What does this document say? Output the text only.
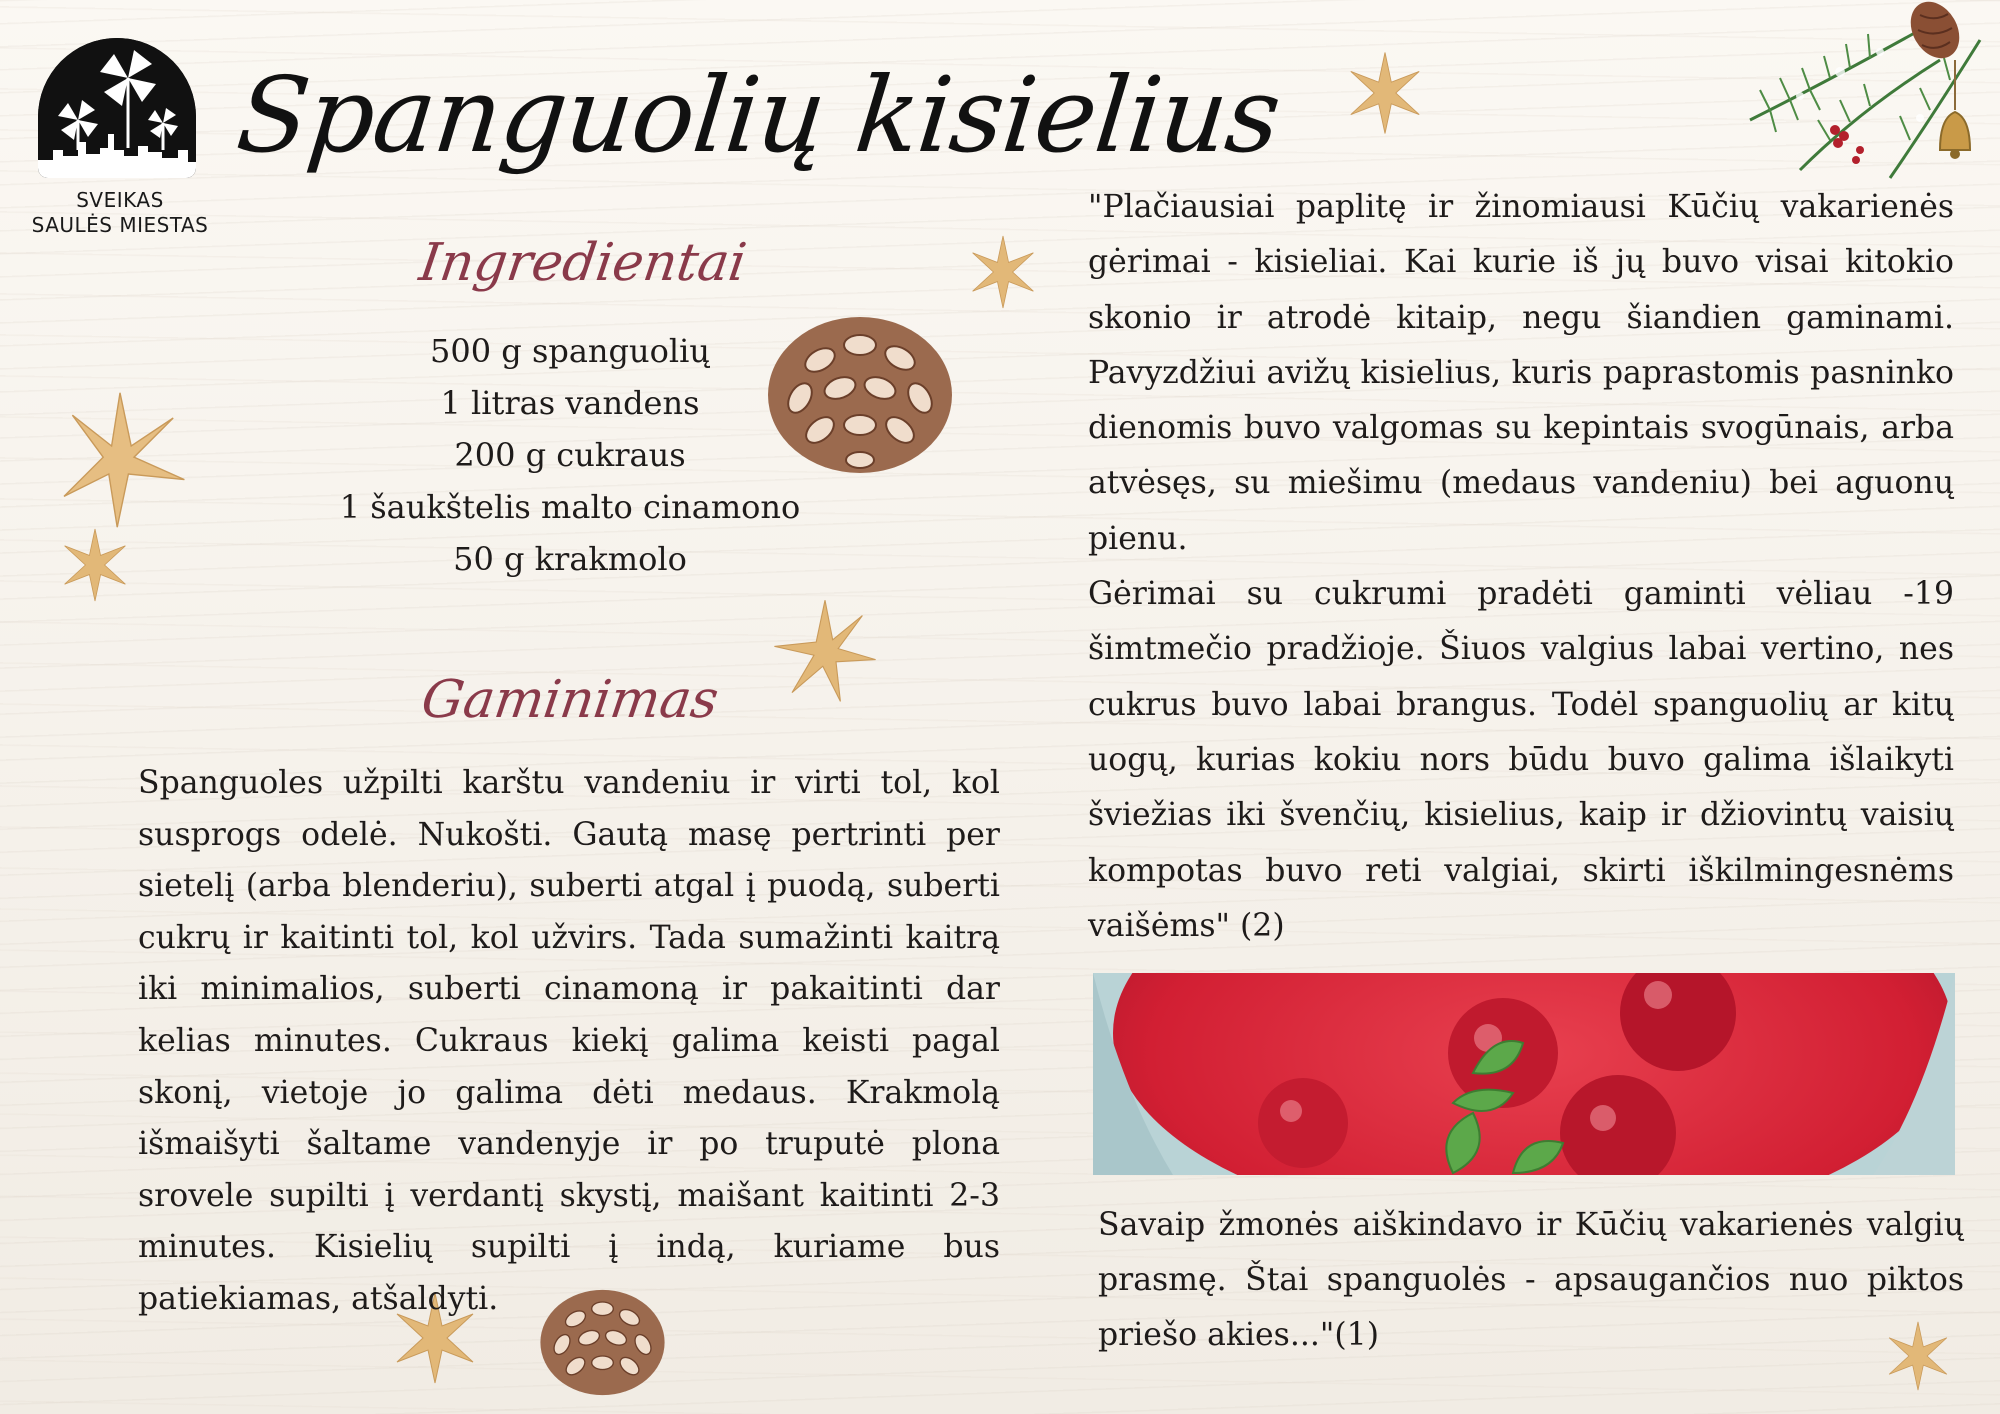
SVEIKAS
SAULĖS MIESTAS
Spanguolių kisielius
Ingredientai
500 g spanguolių
1 litras vandens
200 g cukraus
1 šaukštelis malto cinamono
50 g krakmolo
Gaminimas
Spanguoles užpilti karštu vandeniu ir virti tol, kol susprogs odelė. Nukošti. Gautą masę pertrinti per sietelį (arba blenderiu), suberti atgal į puodą, suberti cukrų ir kaitinti tol, kol užvirs. Tada sumažinti kaitrą iki minimalios, suberti cinamoną ir pakaitinti dar kelias minutes. Cukraus kiekį galima keisti pagal skonį, vietoje jo galima dėti medaus. Krakmolą išmaišyti šaltame vandenyje ir po truputė plona srovele supilti į verdantį skystį, maišant kaitinti 2-3 minutes. Kisielių supilti į indą, kuriame bus patiekiamas, atšaldyti.

"Plačiausiai paplitę ir žinomiausi Kūčių vakarienės gėrimai - kisieliai. Kai kurie iš jų buvo visai kitokio skonio ir atrodė kitaip, negu šiandien gaminami. Pavyzdžiui avižų kisielius, kuris paprastomis pasninko dienomis buvo valgomas su kepintais svogūnais, arba atvėsęs, su miešimu (medaus vandeniu) bei aguonų pienu.

Gėrimai su cukrumi pradėti gaminti vėliau -19 šimtmečio pradžioje. Šiuos valgius labai vertino, nes cukrus buvo labai brangus. Todėl spanguolių ar kitų uogų, kurias kokiu nors būdu buvo galima išlaikyti šviežias iki švenčių, kisielius, kaip ir džiovintų vaisių kompotas buvo reti valgiai, skirti iškilmingesnėms vaišėms" (2)

Savaip žmonės aiškindavo ir Kūčių vakarienės valgių prasmę. Štai spanguolės - apsaugančios nuo piktos priešo akies..."(1)
